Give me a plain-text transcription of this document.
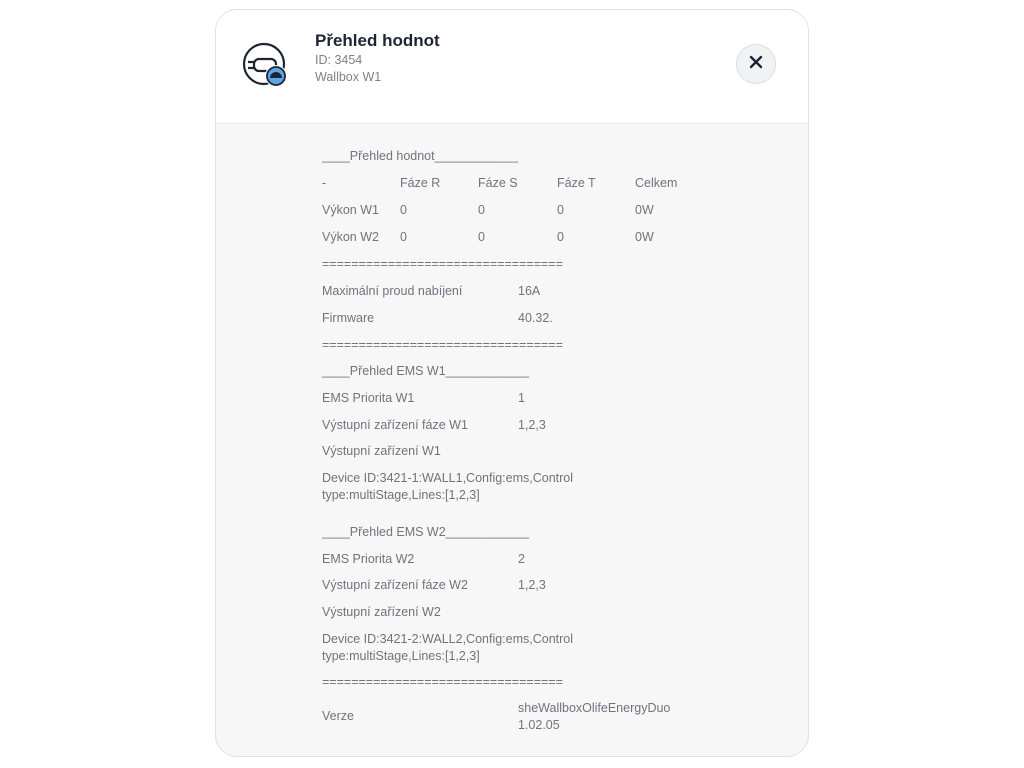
Přehled hodnot
ID: 3454
Wallbox W1
____Přehled hodnot____________
-	Fáze R	Fáze S	Fáze T	Celkem
Výkon W1 0	0	0	0W
Výkon W2 0	0	0	0W
=================================
Maximální proud nabíjení	16A
Firmware	40.32.
=================================
____Přehled EMS W1____________
EMS Priorita W1	1
Výstupní zařízení fáze W1	1,2,3
Výstupní zařízení W1
Device ID:3421-1:WALL1,Config:ems,Control
type:multiStage,Lines:[1,2,3]
____Přehled EMS W2____________
EMS Priorita W2	2
Výstupní zařízení fáze W2	1,2,3
Výstupní zařízení W2
Device ID:3421-2:WALL2,Config:ems,Control
type:multiStage,Lines:[1,2,3]
=================================
Verze
sheWallboxOlifeEnergyDuo
1.02.05
